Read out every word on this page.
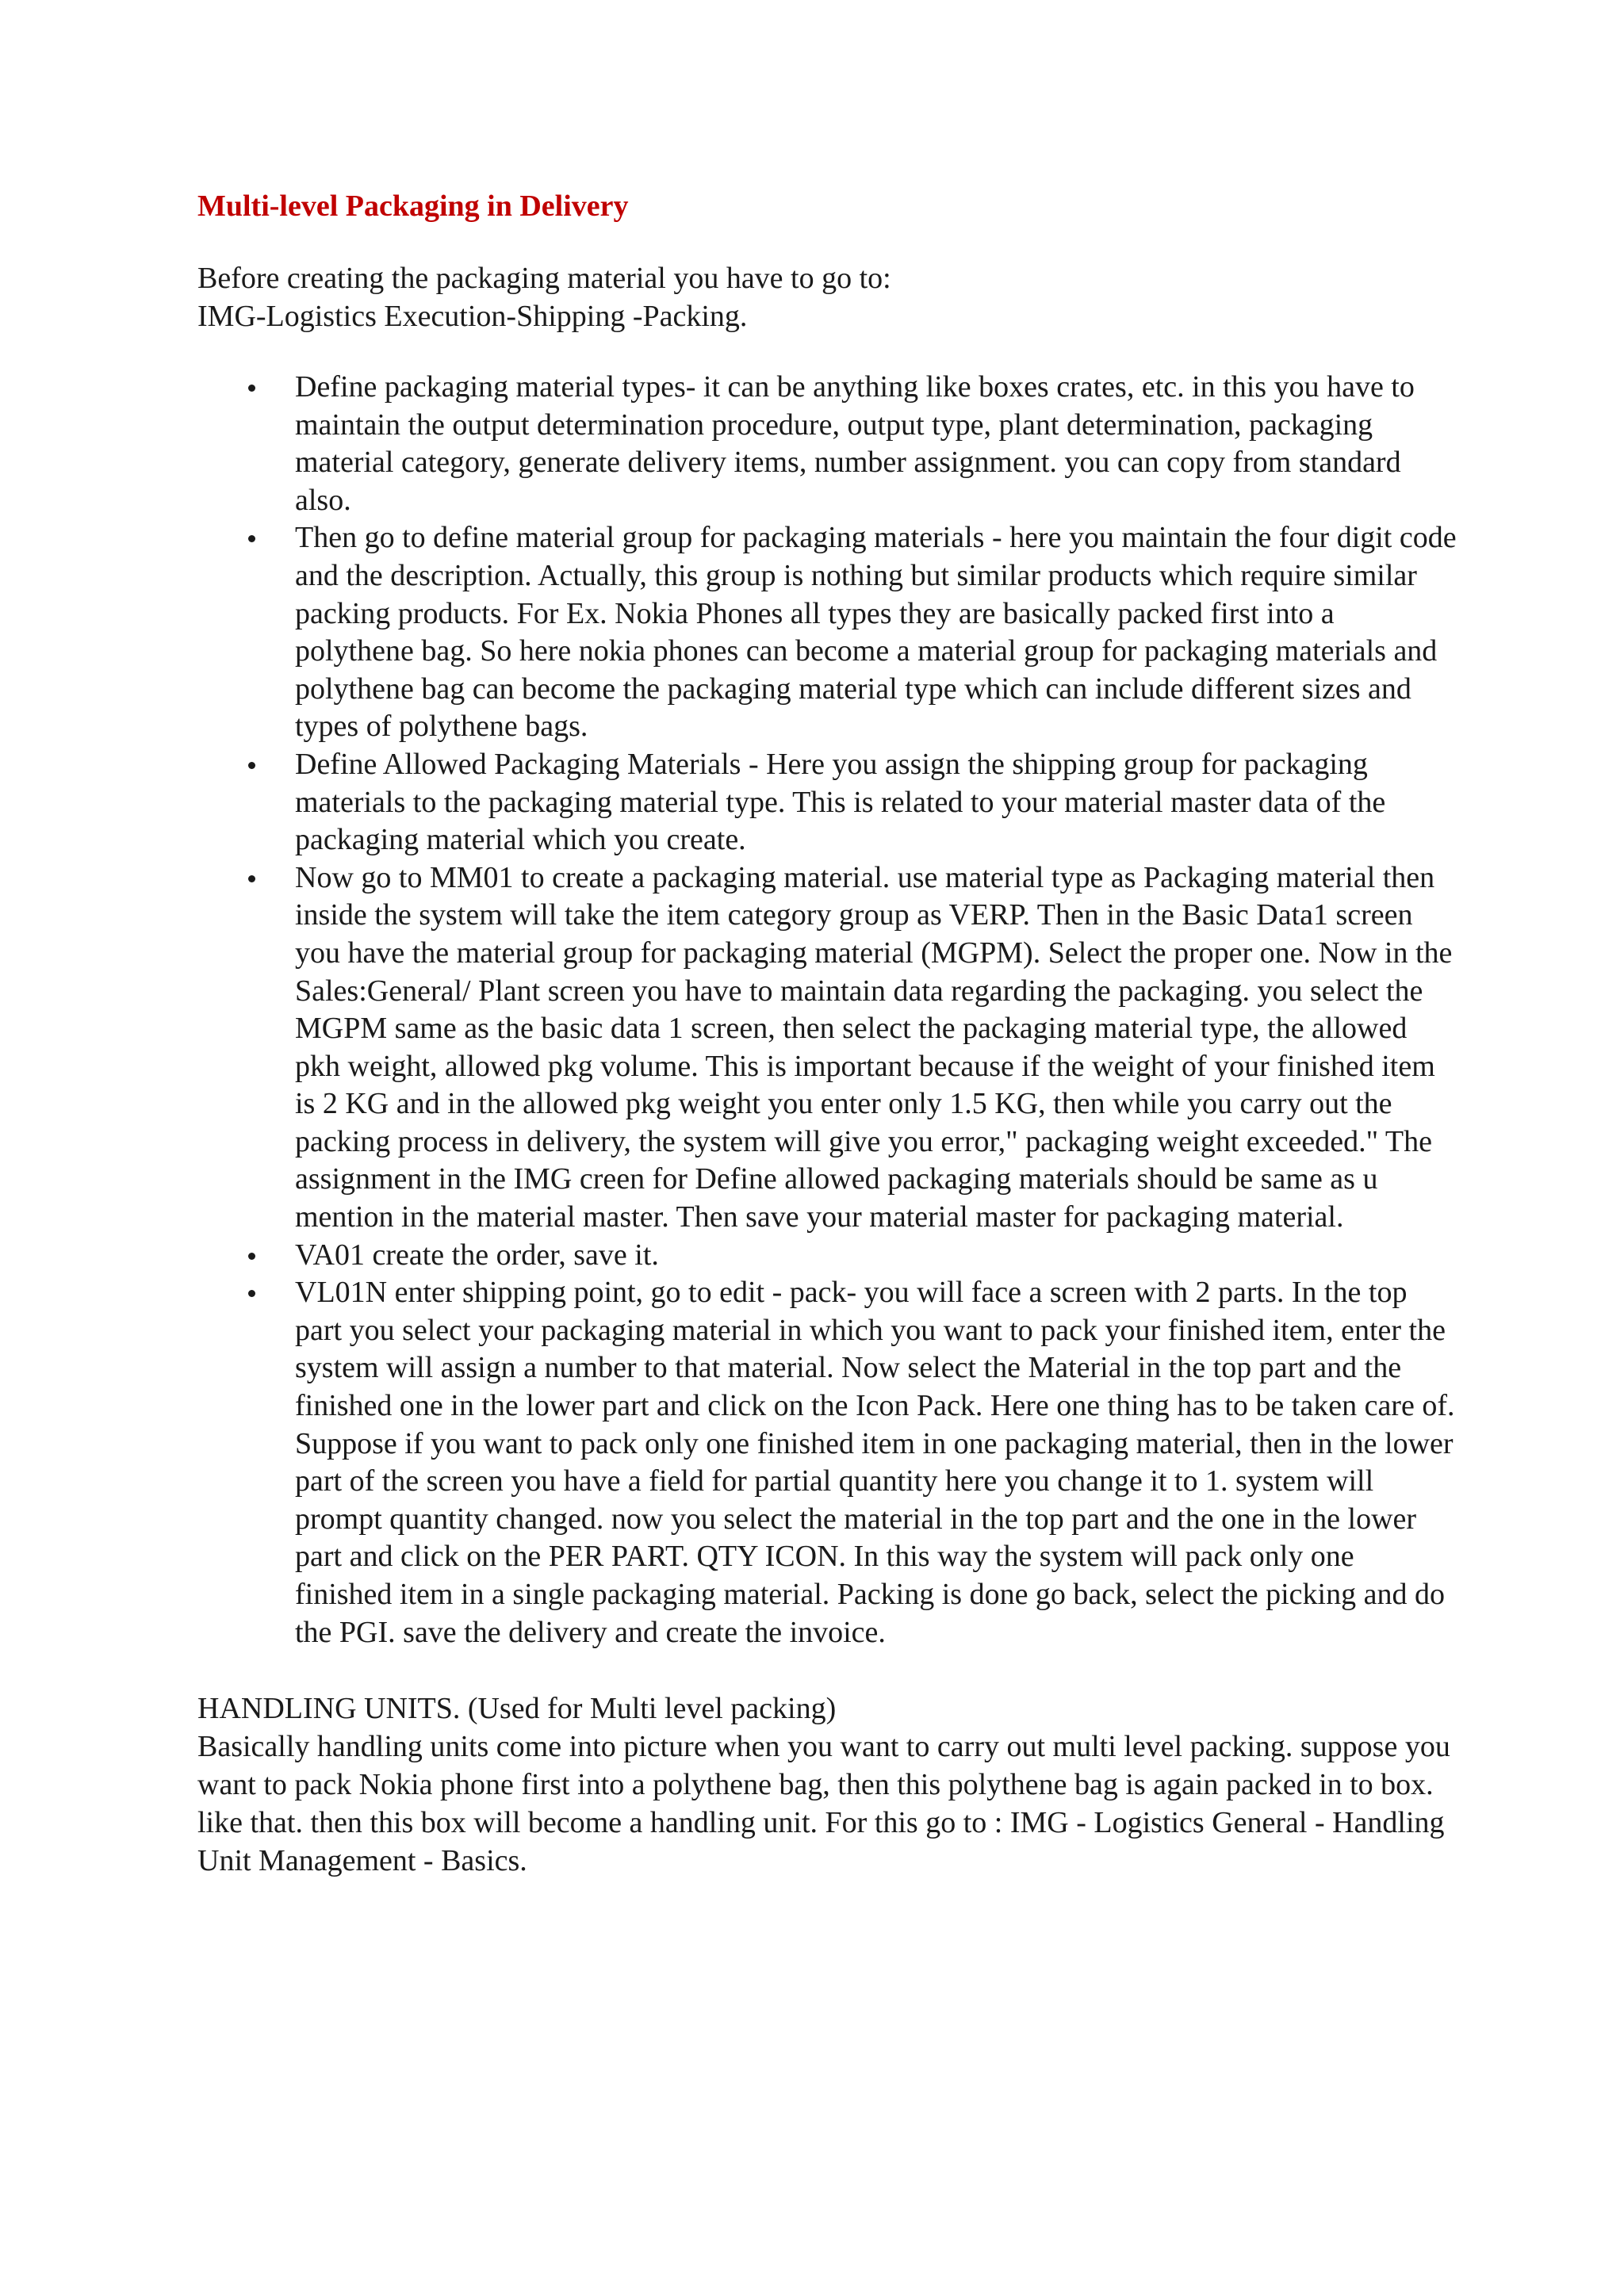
Multi-level Packaging in Delivery

Before creating the packaging material you have to go to:

IMG-Logistics Execution-Shipping -Packing.

Define packaging material types- it can be anything like boxes crates, etc. in this you have to maintain the output determination procedure, output type, plant determination, packaging material category, generate delivery items, number assignment. you can copy from standard also.
Then go to define material group for packaging materials - here you maintain the four digit code and the description. Actually, this group is nothing but similar products which require similar packing products. For Ex. Nokia Phones all types they are basically packed first into a polythene bag. So here nokia phones can become a material group for packaging materials and polythene bag can become the packaging material type which can include different sizes and types of polythene bags.
Define Allowed Packaging Materials - Here you assign the shipping group for packaging materials to the packaging material type. This is related to your material master data of the packaging material which you create.
Now go to MM01 to create a packaging material. use material type as Packaging material then inside the system will take the item category group as VERP. Then in the Basic Data1 screen you have the material group for packaging material (MGPM). Select the proper one. Now in the Sales:General/ Plant screen you have to maintain data regarding the packaging. you select the MGPM same as the basic data 1 screen, then select the packaging material type, the allowed pkh weight, allowed pkg volume. This is important because if the weight of your finished item is 2 KG and in the allowed pkg weight you enter only 1.5 KG, then while you carry out the packing process in delivery, the system will give you error," packaging weight exceeded." The assignment in the IMG creen for Define allowed packaging materials should be same as u mention in the material master. Then save your material master for packaging material.
VA01 create the order, save it.
VL01N enter shipping point, go to edit - pack- you will face a screen with 2 parts. In the top part you select your packaging material in which you want to pack your finished item, enter the system will assign a number to that material. Now select the Material in the top part and the finished one in the lower part and click on the Icon Pack. Here one thing has to be taken care of. Suppose if you want to pack only one finished item in one packaging material, then in the lower part of the screen you have a field for partial quantity here you change it to 1. system will prompt quantity changed. now you select the material in the top part and the one in the lower part and click on the PER PART. QTY ICON. In this way the system will pack only one finished item in a single packaging material. Packing is done go back, select the picking and do the PGI. save the delivery and create the invoice.

HANDLING UNITS. (Used for Multi level packing)

Basically handling units come into picture when you want to carry out multi level packing. suppose you want to pack Nokia phone first into a polythene bag, then this polythene bag is again packed in to box. like that. then this box will become a handling unit. For this go to : IMG - Logistics General - Handling Unit Management - Basics.
